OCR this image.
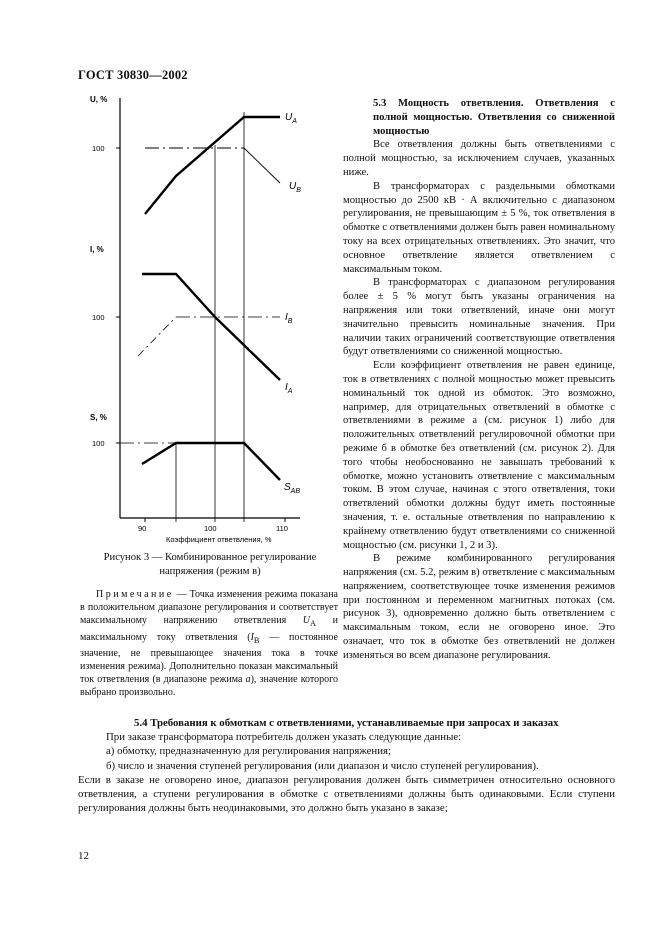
ГОСТ 30830—2002
U, %
I, %
S, %
100
100
100
90	100	110
Коэффициент ответвления, %
$U_A$
$U_B$
$I_B$
$I_A$
$S_{AB}$
Рисунок 3 — Комбинированное регулирование
напряжения (режим в)
Примечание — Точка изменения режима показана в положительном диапазоне регулирования и соответствует максимальному напряжению ответвления $U_A$ и максимальному току ответвления ($I_B$ — постоянное значение, не превышающее значения тока в точке изменения режима). Дополнительно показан максимальный ток ответвления (в диапазоне режима а), значение которого выбрано произвольно.

5.3 Мощность ответвления. Ответвления с полной мощностью. Ответвления со сниженной мощностью

Все ответвления должны быть ответвлениями с полной мощностью, за исключением случаев, указанных ниже.

В трансформаторах с раздельными обмотками мощностью до 2500 кВ · А включительно с диапазоном регулирования, не превышающим ± 5 %, ток ответвления в обмотке с ответвлениями должен быть равен номинальному току на всех отрицательных ответвлениях. Это значит, что основное ответвление является ответвлением с максимальным током.

В трансформаторах с диапазоном регулирования более ± 5 % могут быть указаны ограничения на напряжения или токи ответвлений, иначе они могут значительно превысить номинальные значения. При наличии таких ограничений соответствующие ответвления будут ответвлениями со сниженной мощностью.

Если коэффициент ответвления не равен единице, ток в ответвлениях с полной мощностью может превысить номинальный ток одной из обмоток. Это возможно, например, для отрицательных ответвлений в обмотке с ответвлениями в режиме а (см. рисунок 1) либо для положительных ответвлений регулировочной обмотки при режиме б в обмотке без ответвлений (см. рисунок 2). Для того чтобы необоснованно не завышать требований к обмотке, можно установить ответвление с максимальным током. В этом случае, начиная с этого ответвления, токи ответвлений обмотки должны будут иметь постоянные значения, т. е. остальные ответвления по направлению к крайнему ответвлению будут ответвлениями со сниженной мощностью (см. рисунки 1, 2 и 3).

В режиме комбинированного регулирования напряжения (см. 5.2, режим в) ответвление с максимальным напряжением, соответствующее точке изменения режимов при постоянном и переменном магнитных потоках (см. рисунок 3), одновременно должно быть ответвлением с максимальным током, если не оговорено иное. Это означает, что ток в обмотке без ответвлений не должен изменяться во всем диапазоне регулирования.

5.4 Требования к обмоткам с ответвлениями, устанавливаемые при запросах и заказах

При заказе трансформатора потребитель должен указать следующие данные:

а) обмотку, предназначенную для регулирования напряжения;

б) число и значения ступеней регулирования (или диапазон и число ступеней регулирования).

Если в заказе не оговорено иное, диапазон регулирования должен быть симметричен относительно основного ответвления, а ступени регулирования в обмотке с ответвлениями должны быть одинаковыми. Если ступени регулирования должны быть неодинаковыми, это должно быть указано в заказе;

12
